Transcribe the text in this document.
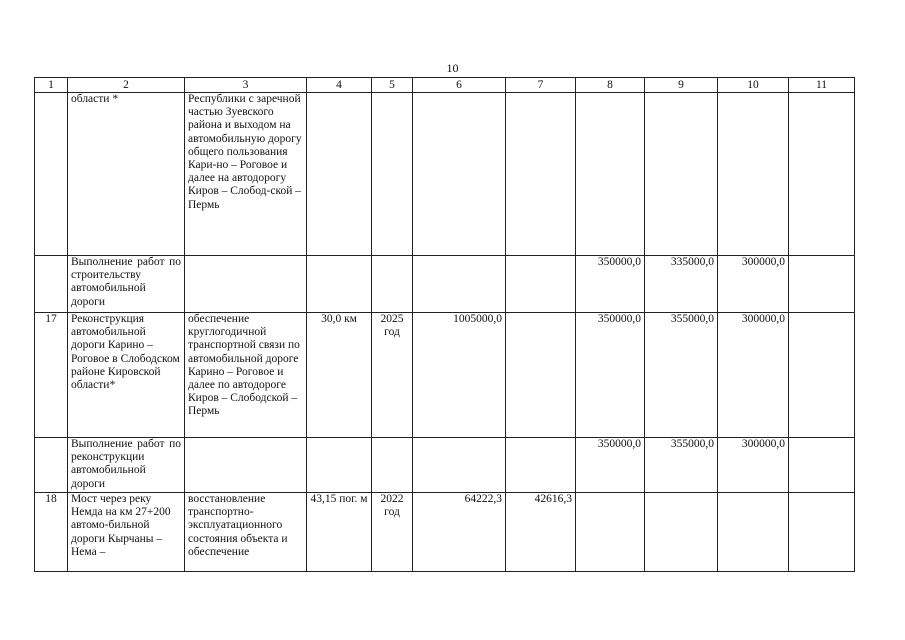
10
1	2	3	4	5	6	7	8	9	10	11
	области *	Республики с заречной частью Зуевского района и выходом на автомобильную дорогу общего пользования Кари-но – Роговое и далее на автодорогу Киров – Слобод-ской – Пермь								
	Выполнение работ по строительству автомобильной дороги						350000,0	335000,0	300000,0	
17	Реконструкция автомобильной дороги Карино – Роговое в Слободском районе Кировской области*	обеспечение круглогодичной транспортной связи по автомобильной дороге Карино – Роговое и далее по автодороге Киров – Слободской – Пермь	30,0 км	2025 год	1005000,0		350000,0	355000,0	300000,0	
	Выполнение работ по реконструкции автомобильной дороги						350000,0	355000,0	300000,0	
18	Мост через реку Немда на км 27+200 автомо-бильной дороги Кырчаны – Нема –	восстановление транспортно-эксплуатационного состояния объекта и обеспечение	43,15 пог. м	2022 год	64222,3	42616,3				
